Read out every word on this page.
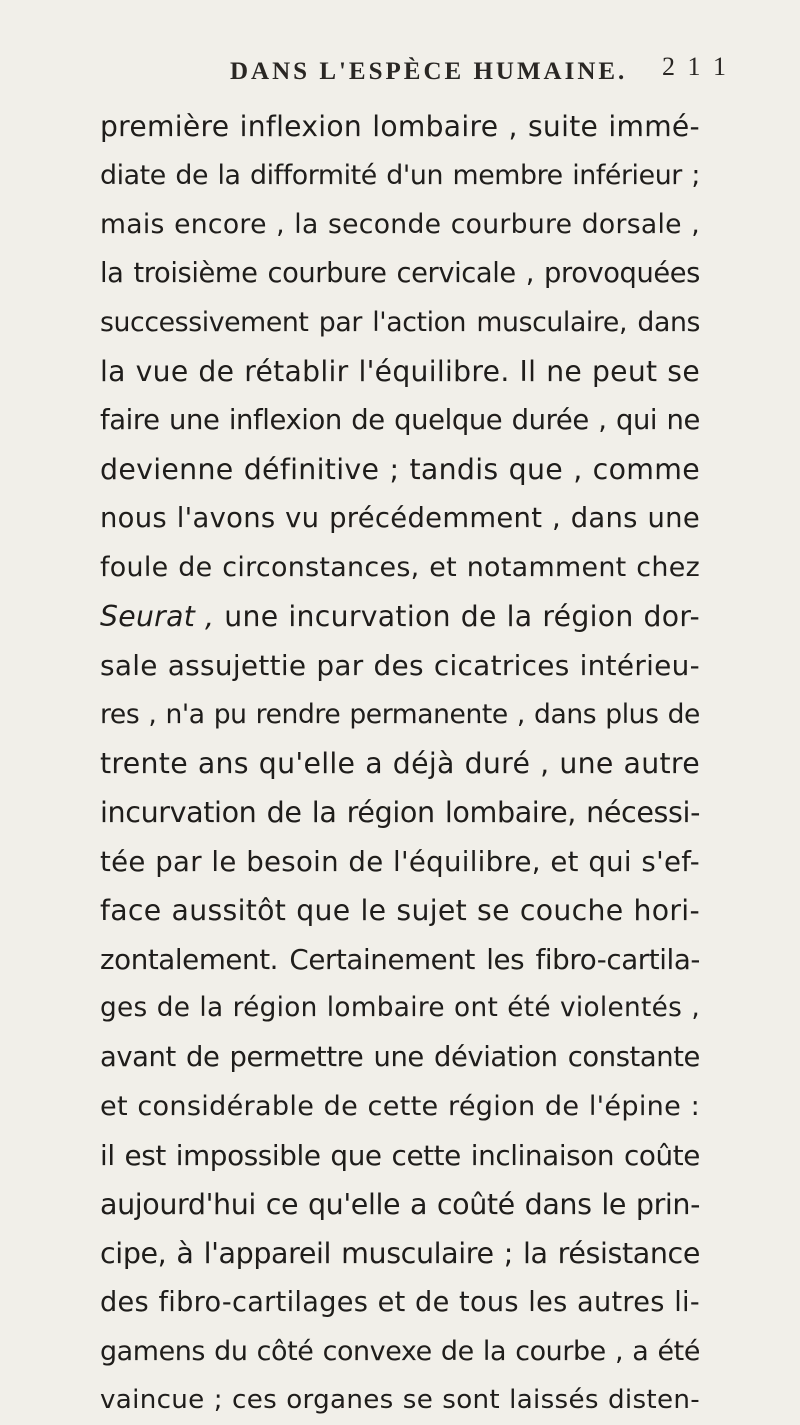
DANS L'ESPÈCE HUMAINE. 2 1 1
première inflexion lombaire , suite immé-
diate de la difformité d'un membre inférieur ;
mais encore , la seconde courbure dorsale ,
la troisième courbure cervicale , provoquées
successivement par l'action musculaire, dans
la vue de rétablir l'équilibre. Il ne peut se
faire une inflexion de quelque durée , qui ne
devienne définitive ; tandis que , comme
nous l'avons vu précédemment , dans une
foule de circonstances, et notamment chez
Seurat , une incurvation de la région dor-
sale assujettie par des cicatrices intérieu-
res , n'a pu rendre permanente , dans plus de
trente ans qu'elle a déjà duré , une autre
incurvation de la région lombaire, nécessi-
tée par le besoin de l'équilibre, et qui s'ef-
face aussitôt que le sujet se couche hori-
zontalement. Certainement les fibro-cartila-
ges de la région lombaire ont été violentés ,
avant de permettre une déviation constante
et considérable de cette région de l'épine :
il est impossible que cette inclinaison coûte
aujourd'hui ce qu'elle a coûté dans le prin-
cipe, à l'appareil musculaire ; la résistance
des fibro-cartilages et de tous les autres li-
gamens du côté convexe de la courbe , a été
vaincue ; ces organes se sont laissés disten-
